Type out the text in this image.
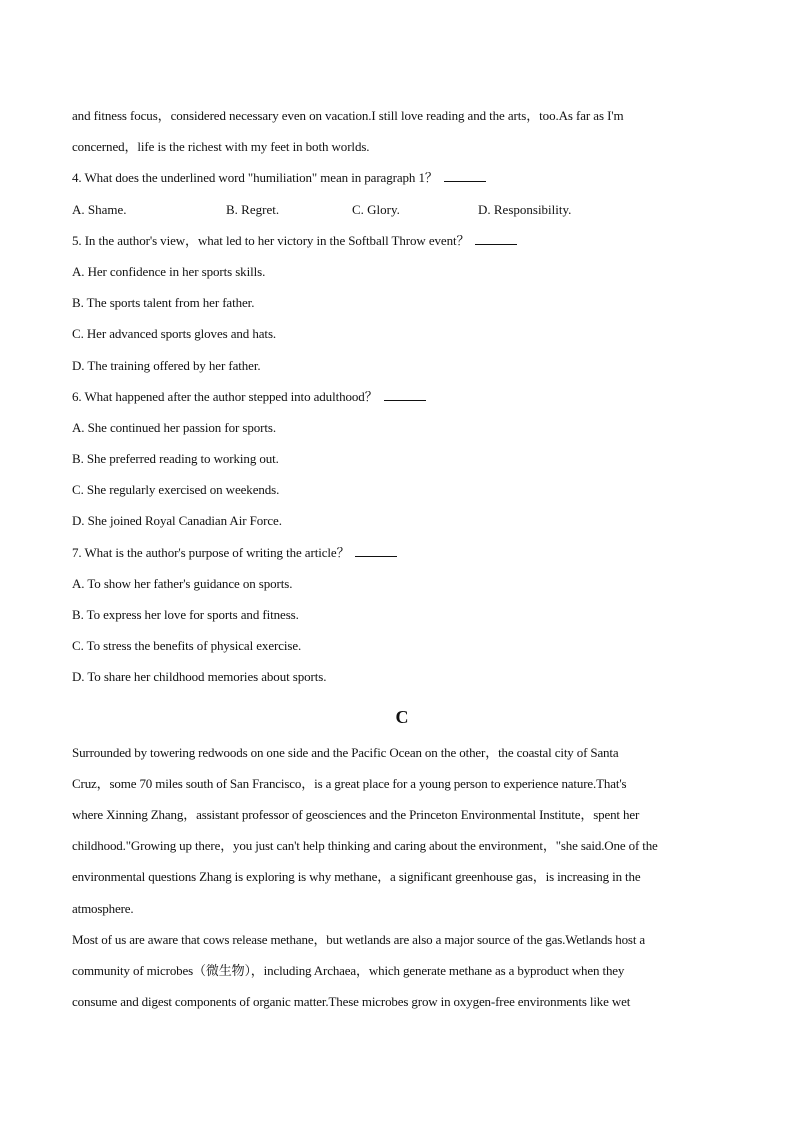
and fitness focus，considered necessary even on vacation.I still love reading and the arts，too.As far as I'm
concerned，life is the richest with my feet in both worlds.
4. What does the underlined word "humiliation" mean in paragraph 1？
A. Shame.	B. Regret.	C. Glory.	D. Responsibility.
5. In the author's view，what led to her victory in the Softball Throw event？
A. Her confidence in her sports skills.
B. The sports talent from her father.
C. Her advanced sports gloves and hats.
D. The training offered by her father.
6. What happened after the author stepped into adulthood？
A. She continued her passion for sports.
B. She preferred reading to working out.
C. She regularly exercised on weekends.
D. She joined Royal Canadian Air Force.
7. What is the author's purpose of writing the article？
A. To show her father's guidance on sports.
B. To express her love for sports and fitness.
C. To stress the benefits of physical exercise.
D. To share her childhood memories about sports.
C
Surrounded by towering redwoods on one side and the Pacific Ocean on the other，the coastal city of Santa
Cruz，some 70 miles south of San Francisco，is a great place for a young person to experience nature.That's
where Xinning Zhang，assistant professor of geosciences and the Princeton Environmental Institute，spent her
childhood."Growing up there，you just can't help thinking and caring about the environment，"she said.One of the
environmental questions Zhang is exploring is why methane，a significant greenhouse gas，is increasing in the
atmosphere.
Most of us are aware that cows release methane，but wetlands are also a major source of the gas.Wetlands host a
community of microbes（微生物），including Archaea，which generate methane as a byproduct when they
consume and digest components of organic matter.These microbes grow in oxygen-free environments like wet
